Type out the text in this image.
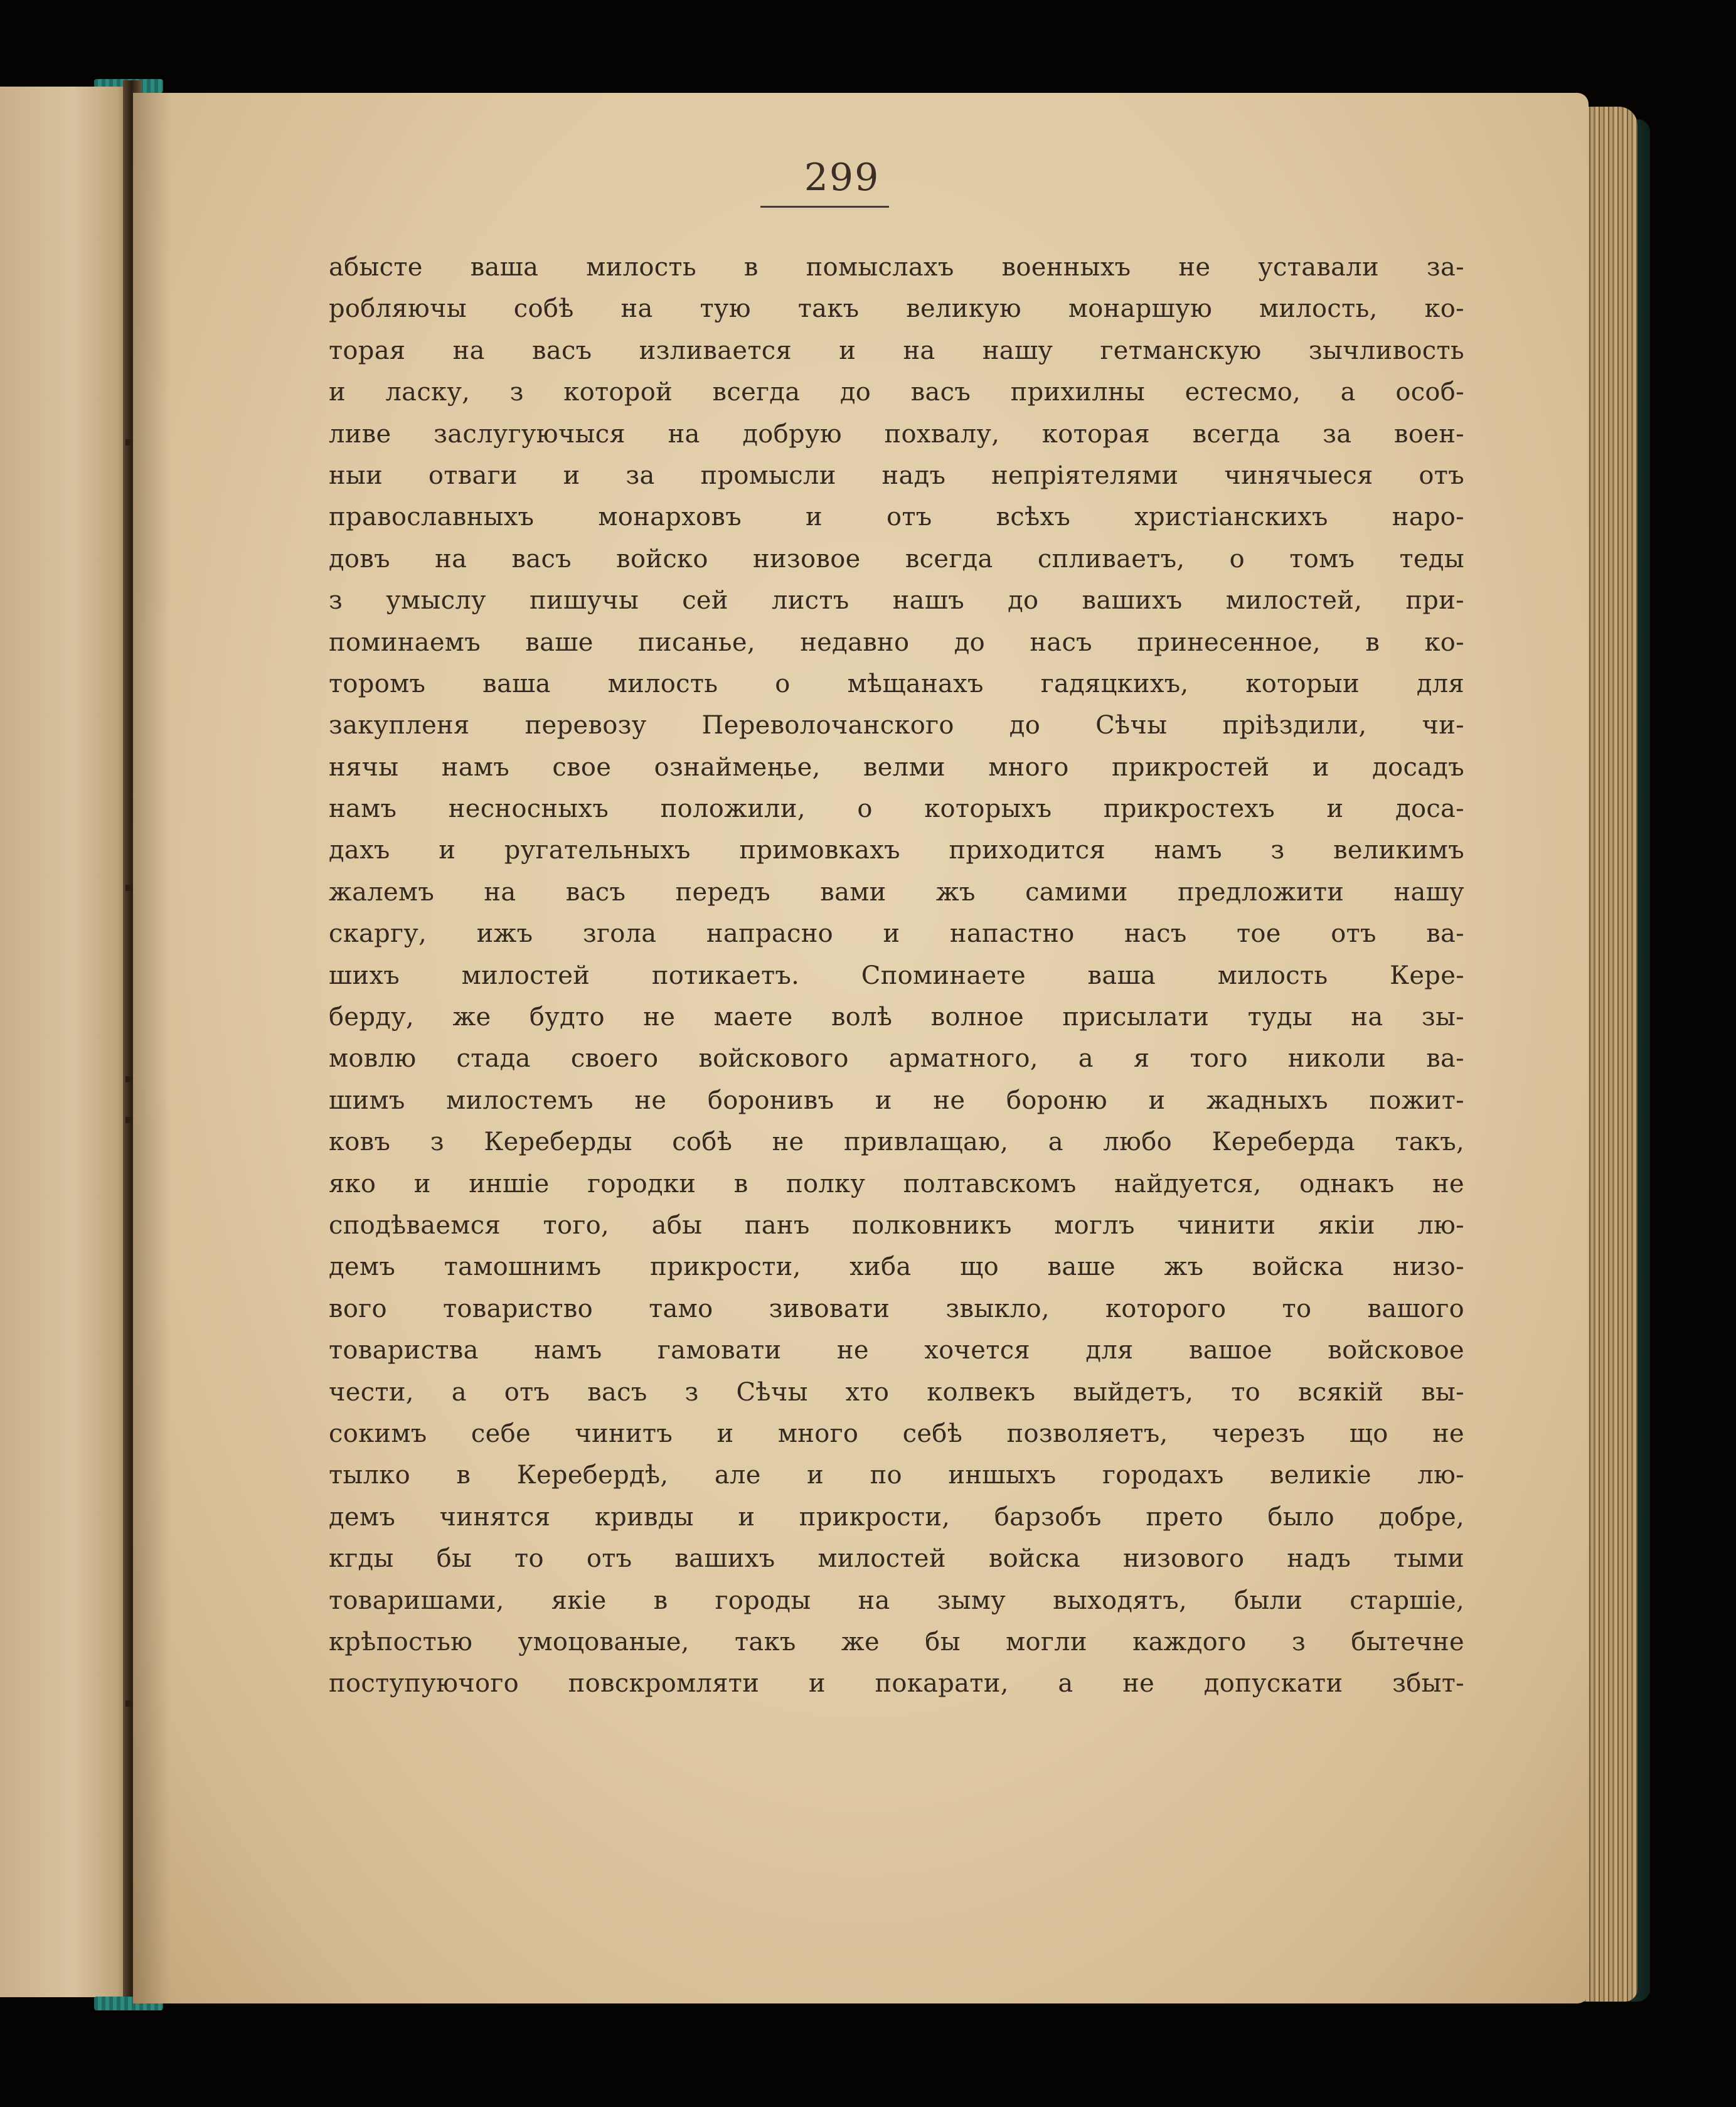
299
абысте ваша милость в помыслахъ военныхъ не уставали за-
робляючы собѣ на тую такъ великую монаршую милость, ко-
торая на васъ изливается и на нашу гетманскую зычливость
и ласку, з которой всегда до васъ прихилны естесмо, а особ-
ливе заслугуючыся на добрую похвалу, которая всегда за воен-
ныи отваги и за промысли надъ непріятелями чинячыеся отъ
православныхъ монарховъ и отъ всѣхъ христіанскихъ наро-
довъ на васъ войско низовое всегда спливаетъ, о томъ теды
з умыслу пишучы сей листъ нашъ до вашихъ милостей, при-
поминаемъ ваше писанье, недавно до насъ принесенное, в ко-
торомъ ваша милость о мѣщанахъ гадяцкихъ, которыи для
закупленя перевозу Переволочанского до Сѣчы пріѣздили, чи-
нячы намъ свое ознаймеңье, велми много прикростей и досадъ
намъ несносныхъ положили, о которыхъ прикростехъ и доса-
дахъ и ругательныхъ примовкахъ приходится намъ з великимъ
жалемъ на васъ передъ вами жъ самими предложити нашу
скаргу, ижъ згола напрасно и напастно насъ тое отъ ва-
шихъ милостей потикаетъ. Споминаете ваша милость Кере-
берду, же будто не маете волѣ волное присылати туды на зы-
мовлю стада своего войскового арматного, а я того николи ва-
шимъ милостемъ не боронивъ и не бороню и жадныхъ пожит-
ковъ з Кереберды собѣ не привлащаю, а любо Кереберда такъ,
яко и иншіе городки в полку полтавскомъ найдуется, однакъ не
сподѣваемся того, абы панъ полковникъ моглъ чинити якіи лю-
демъ тамошнимъ прикрости, хиба що ваше жъ войска низо-
вого товариство тамо зивовати звыкло, которого то вашого
товариства намъ гамовати не хочется для вашое войсковое
чести, а отъ васъ з Сѣчы хто колвекъ выйдетъ, то всякій вы-
сокимъ себе чинитъ и много себѣ позволяетъ, черезъ що не
тылко в Керебердѣ, але и по иншыхъ городахъ великіе лю-
демъ чинятся кривды и прикрости, барзобъ прето было добре,
кгды бы то отъ вашихъ милостей войска низового надъ тыми
товаришами, якіе в городы на зыму выходятъ, были старшіе,
крѣпостью умоцованые, такъ же бы могли каждого з бытечне
поступуючого повскромляти и покарати, а не допускати збыт-
